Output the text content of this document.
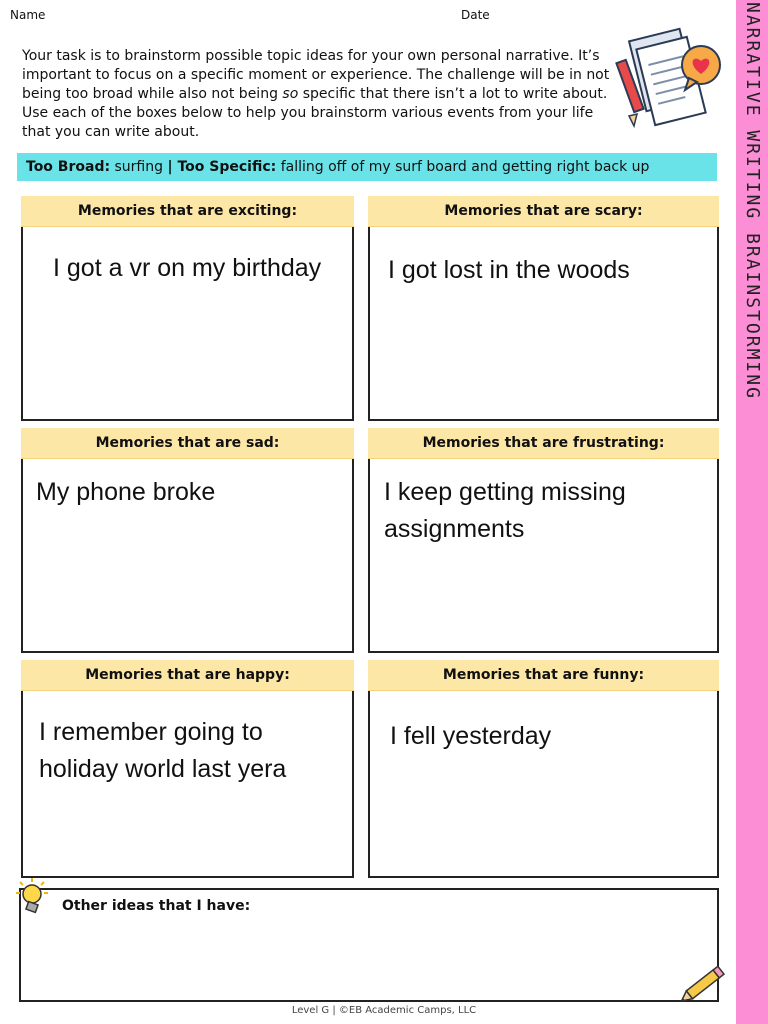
Name	Date
Your task is to brainstorm possible topic ideas for your own personal narrative. It’s important to focus on a specific moment or experience. The challenge will be in not being too broad while also not being so specific that there isn’t a lot to write about. Use each of the boxes below to help you brainstorm various events from your life that you can write about.
Too Broad: surfing | Too Specific: falling off of my surf board and getting right back up
Memories that are exciting:
I got a vr on my birthday
Memories that are scary:
I got lost in the woods
Memories that are sad:
My phone broke
Memories that are frustrating:
I keep getting missing assignments
Memories that are happy:
I remember going to holiday world last yera
Memories that are funny:
I fell yesterday
Other ideas that I have:
NARRATIVE WRITING BRAINSTORMING
Level G | ©EB Academic Camps, LLC
